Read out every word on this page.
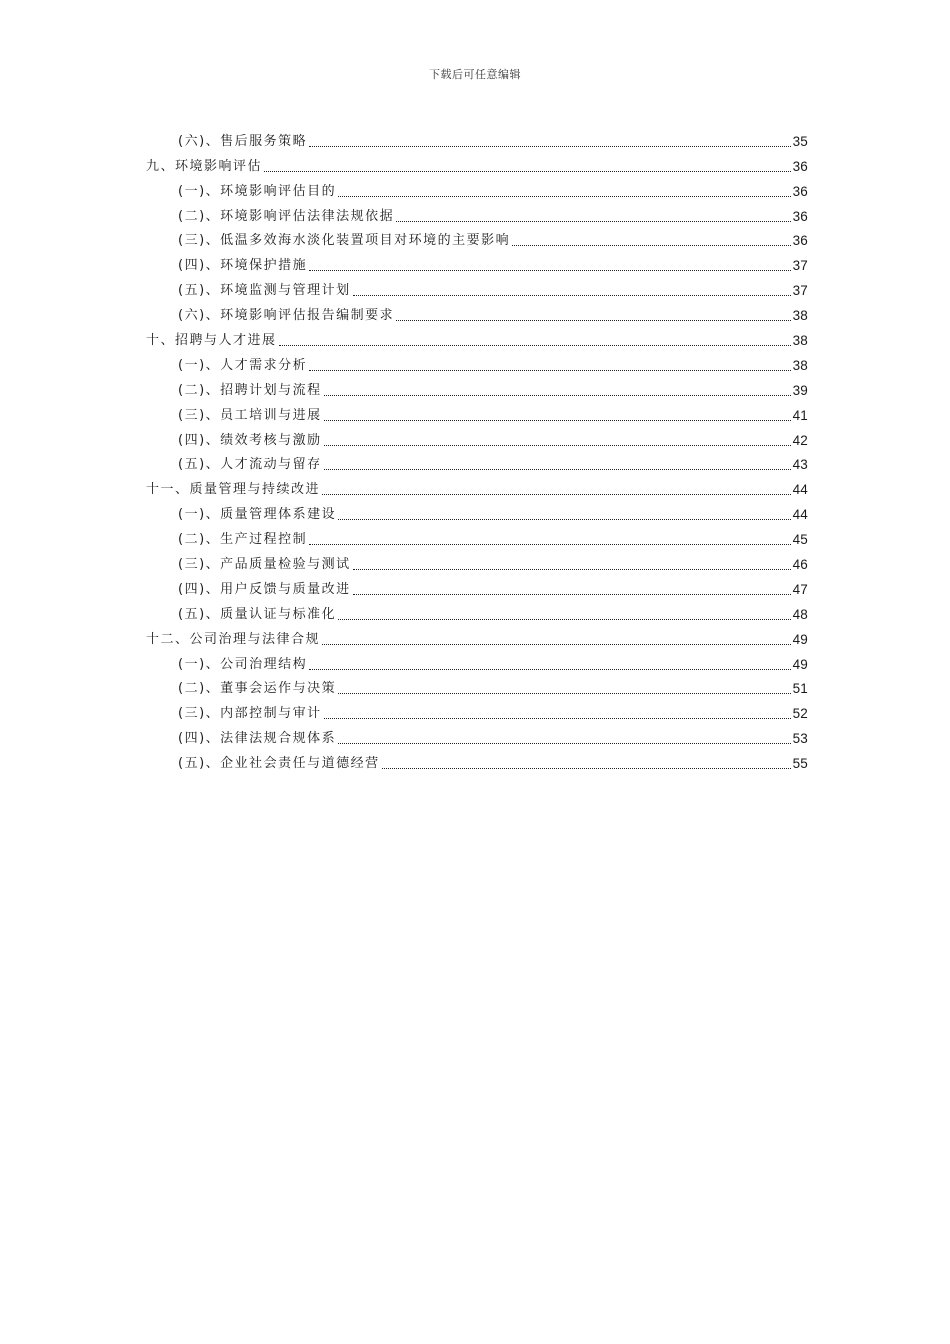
下载后可任意编辑
(六)、售后服务策略	35
九、环境影响评估	36
(一)、环境影响评估目的	36
(二)、环境影响评估法律法规依据	36
(三)、低温多效海水淡化装置项目对环境的主要影响	36
(四)、环境保护措施	37
(五)、环境监测与管理计划	37
(六)、环境影响评估报告编制要求	38
十、招聘与人才进展	38
(一)、人才需求分析	38
(二)、招聘计划与流程	39
(三)、员工培训与进展	41
(四)、绩效考核与激励	42
(五)、人才流动与留存	43
十一、质量管理与持续改进	44
(一)、质量管理体系建设	44
(二)、生产过程控制	45
(三)、产品质量检验与测试	46
(四)、用户反馈与质量改进	47
(五)、质量认证与标准化	48
十二、公司治理与法律合规	49
(一)、公司治理结构	49
(二)、董事会运作与决策	51
(三)、内部控制与审计	52
(四)、法律法规合规体系	53
(五)、企业社会责任与道德经营	55
